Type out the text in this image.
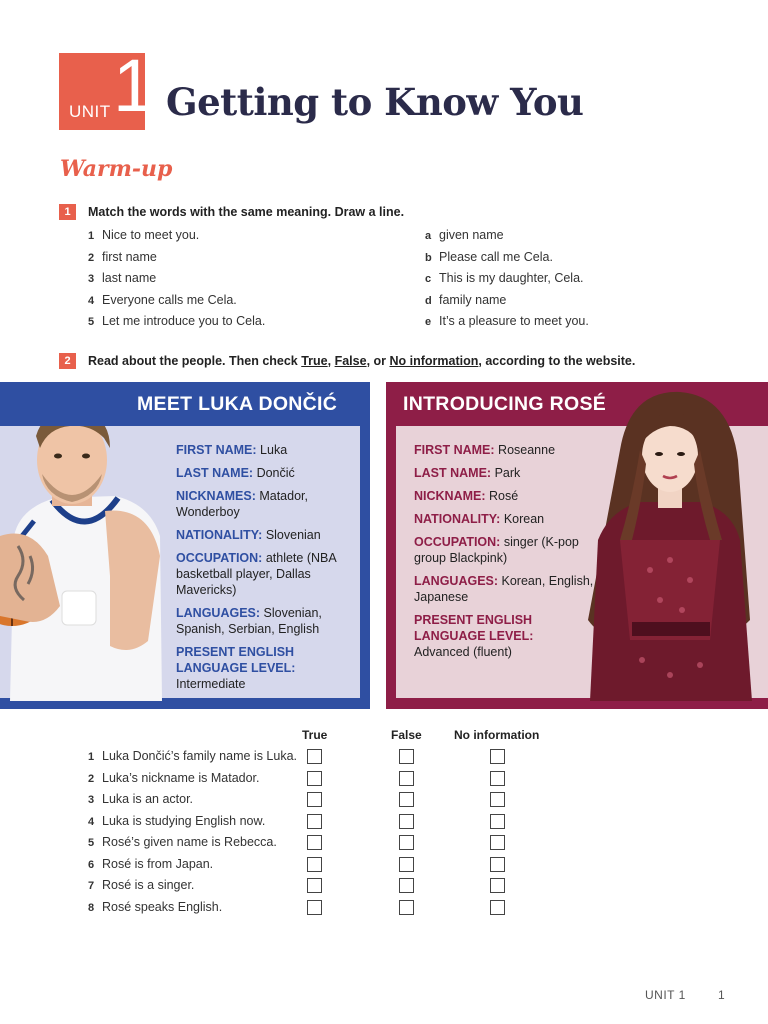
UNIT 1 Getting to Know You
Warm-up
1	Match the words with the same meaning. Draw a line.
1 Nice to meet you.
2 first name
3 last name
4 Everyone calls me Cela.
5 Let me introduce you to Cela.
a given name
b Please call me Cela.
c This is my daughter, Cela.
d family name
e It’s a pleasure to meet you.
2	Read about the people. Then check True, False, or No information, according to the website.
MEET LUKA DONČIĆ
FIRST NAME: Luka
LAST NAME: Dončić
NICKNAMES: Matador, Wonderboy
NATIONALITY: Slovenian
OCCUPATION: athlete (NBA basketball player, Dallas Mavericks)
LANGUAGES: Slovenian, Spanish, Serbian, English
PRESENT ENGLISH LANGUAGE LEVEL:
Intermediate
INTRODUCING ROSÉ
FIRST NAME: Roseanne
LAST NAME: Park
NICKNAME: Rosé
NATIONALITY: Korean
OCCUPATION: singer (K-pop group Blackpink)
LANGUAGES: Korean, English, Japanese
PRESENT ENGLISH LANGUAGE LEVEL:
Advanced (fluent)
True	False	No information
1 Luka Dončić’s family name is Luka.
2 Luka’s nickname is Matador.
3 Luka is an actor.
4 Luka is studying English now.
5 Rosé’s given name is Rebecca.
6 Rosé is from Japan.
7 Rosé is a singer.
8 Rosé speaks English.
UNIT 1	1
